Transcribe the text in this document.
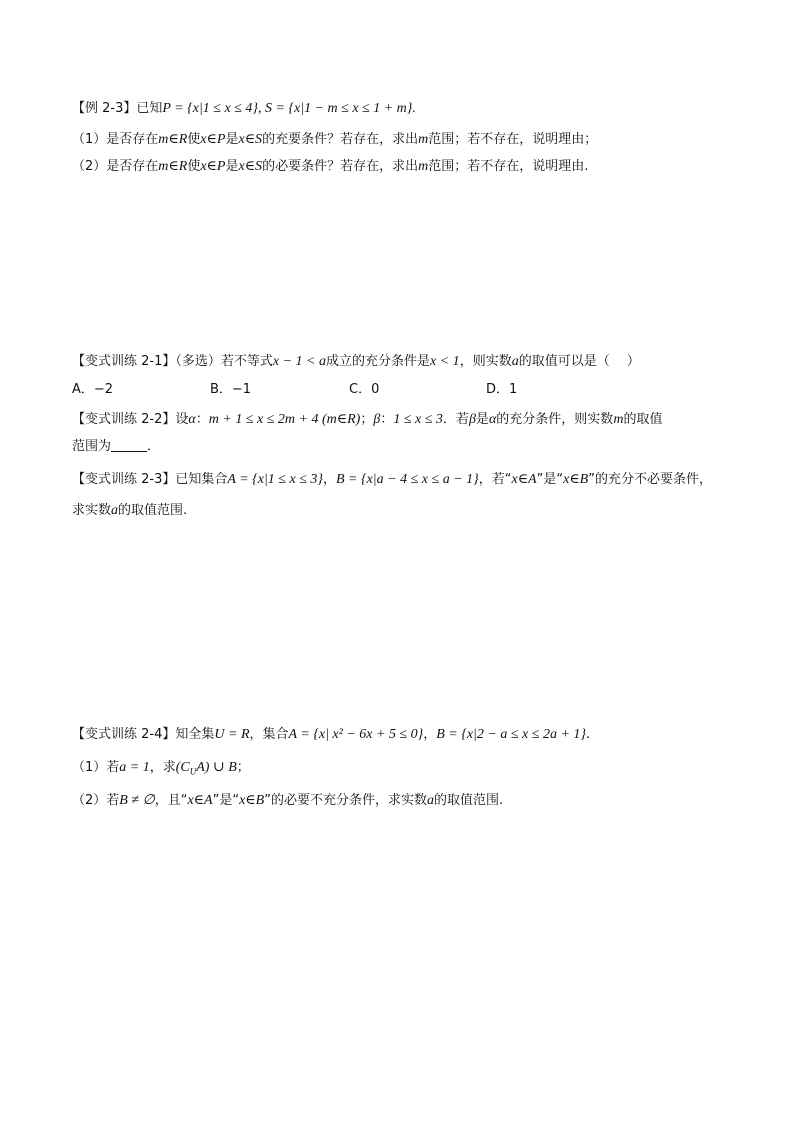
【例 2-3】已知P = {x|1 ≤ x ≤ 4}, S = {x|1 − m ≤ x ≤ 1 + m}.
（1）是否存在m∈R使x∈P是x∈S的充要条件？若存在，求出m范围；若不存在，说明理由；
（2）是否存在m∈R使x∈P是x∈S的必要条件？若存在，求出m范围；若不存在，说明理由.
【变式训练 2-1】（多选）若不等式x − 1 < a成立的充分条件是x < 1，则实数a的取值可以是（　 ）
A．−2	B．−1	C．0	D．1
【变式训练 2-2】设α：m + 1 ≤ x ≤ 2m + 4 (m∈R)；β：1 ≤ x ≤ 3．若β是α的充分条件，则实数m的取值
范围为	．
【变式训练 2-3】已知集合A = {x|1 ≤ x ≤ 3}，B = {x|a − 4 ≤ x ≤ a − 1}，若“x∈A”是“x∈B”的充分不必要条件，
求实数a的取值范围.
【变式训练 2-4】知全集U = R，集合A = {x| x² − 6x + 5 ≤ 0}，B = {x|2 − a ≤ x ≤ 2a + 1}.
（1）若a = 1，求$(C_UA)$ ∪ B；
（2）若B ≠ ∅，且“x∈A”是“x∈B”的必要不充分条件，求实数a的取值范围.
